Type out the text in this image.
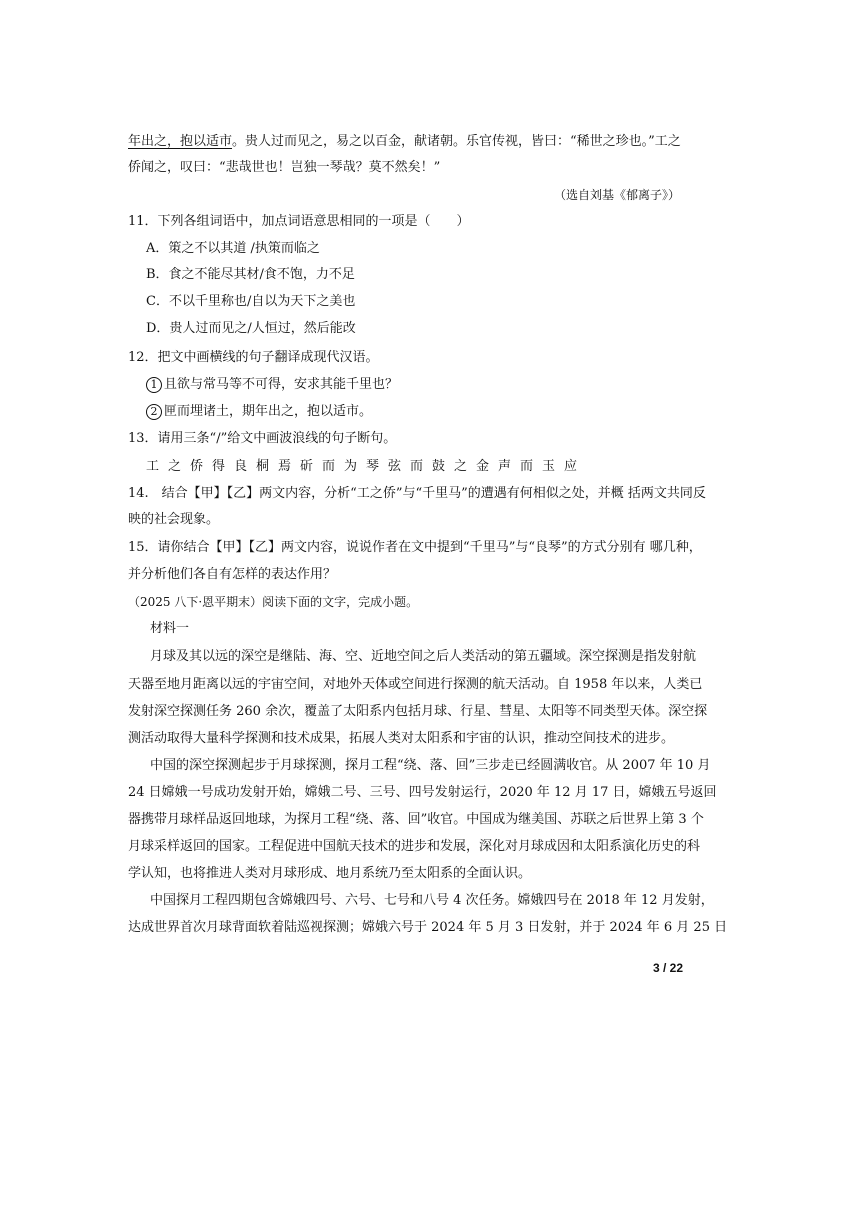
年出之，抱以适市。贵人过而见之，易之以百金，献诸朝。乐官传视，皆曰：“稀世之珍也。”工之
侨闻之，叹曰：“悲哉世也！岂独一琴哉？莫不然矣！”
（选自刘基《郁离子》）
11．下列各组词语中，加点词语意思相同的一项是（　　）
A．策之不以其道 /执策而临之
B．食之不能尽其材/食不饱，力不足
C．不以千里称也/自以为天下之美也
D．贵人过而见之/人恒过，然后能改
12．把文中画横线的句子翻译成现代汉语。
1 且欲与常马等不可得，安求其能千里也？
2 匣而埋诸土，期年出之，抱以适市。
13．请用三条“/”给文中画波浪线的句子断句。
工之侨得良桐焉斫而为琴弦而鼓之金声而玉应
14.　结合【甲】【乙】两文内容，分析“工之侨”与“千里马”的遭遇有何相似之处，并概 括两文共同反
映的社会现象。
15．请你结合【甲】【乙】两文内容，说说作者在文中提到“千里马”与“良琴”的方式分别有 哪几种，
并分析他们各自有怎样的表达作用？
（2025 八下·恩平期末）阅读下面的文字，完成小题。
材料一
月球及其以远的深空是继陆、海、空、近地空间之后人类活动的第五疆域。深空探测是指发射航
天器至地月距离以远的宇宙空间，对地外天体或空间进行探测的航天活动。自 1958 年以来，人类已
发射深空探测任务 260 余次，覆盖了太阳系内包括月球、行星、彗星、太阳等不同类型天体。深空探
测活动取得大量科学探测和技术成果，拓展人类对太阳系和宇宙的认识，推动空间技术的进步。
中国的深空探测起步于月球探测，探月工程“绕、落、回”三步走已经圆满收官。从 2007 年 10 月
24 日嫦娥一号成功发射开始，嫦娥二号、三号、四号发射运行，2020 年 12 月 17 日，嫦娥五号返回
器携带月球样品返回地球，为探月工程“绕、落、回”收官。中国成为继美国、苏联之后世界上第 3 个
月球采样返回的国家。工程促进中国航天技术的进步和发展，深化对月球成因和太阳系演化历史的科
学认知，也将推进人类对月球形成、地月系统乃至太阳系的全面认识。
中国探月工程四期包含嫦娥四号、六号、七号和八号 4 次任务。嫦娥四号在 2018 年 12 月发射，
达成世界首次月球背面软着陆巡视探测；嫦娥六号于 2024 年 5 月 3 日发射，并于 2024 年 6 月 25 日
3 / 22
